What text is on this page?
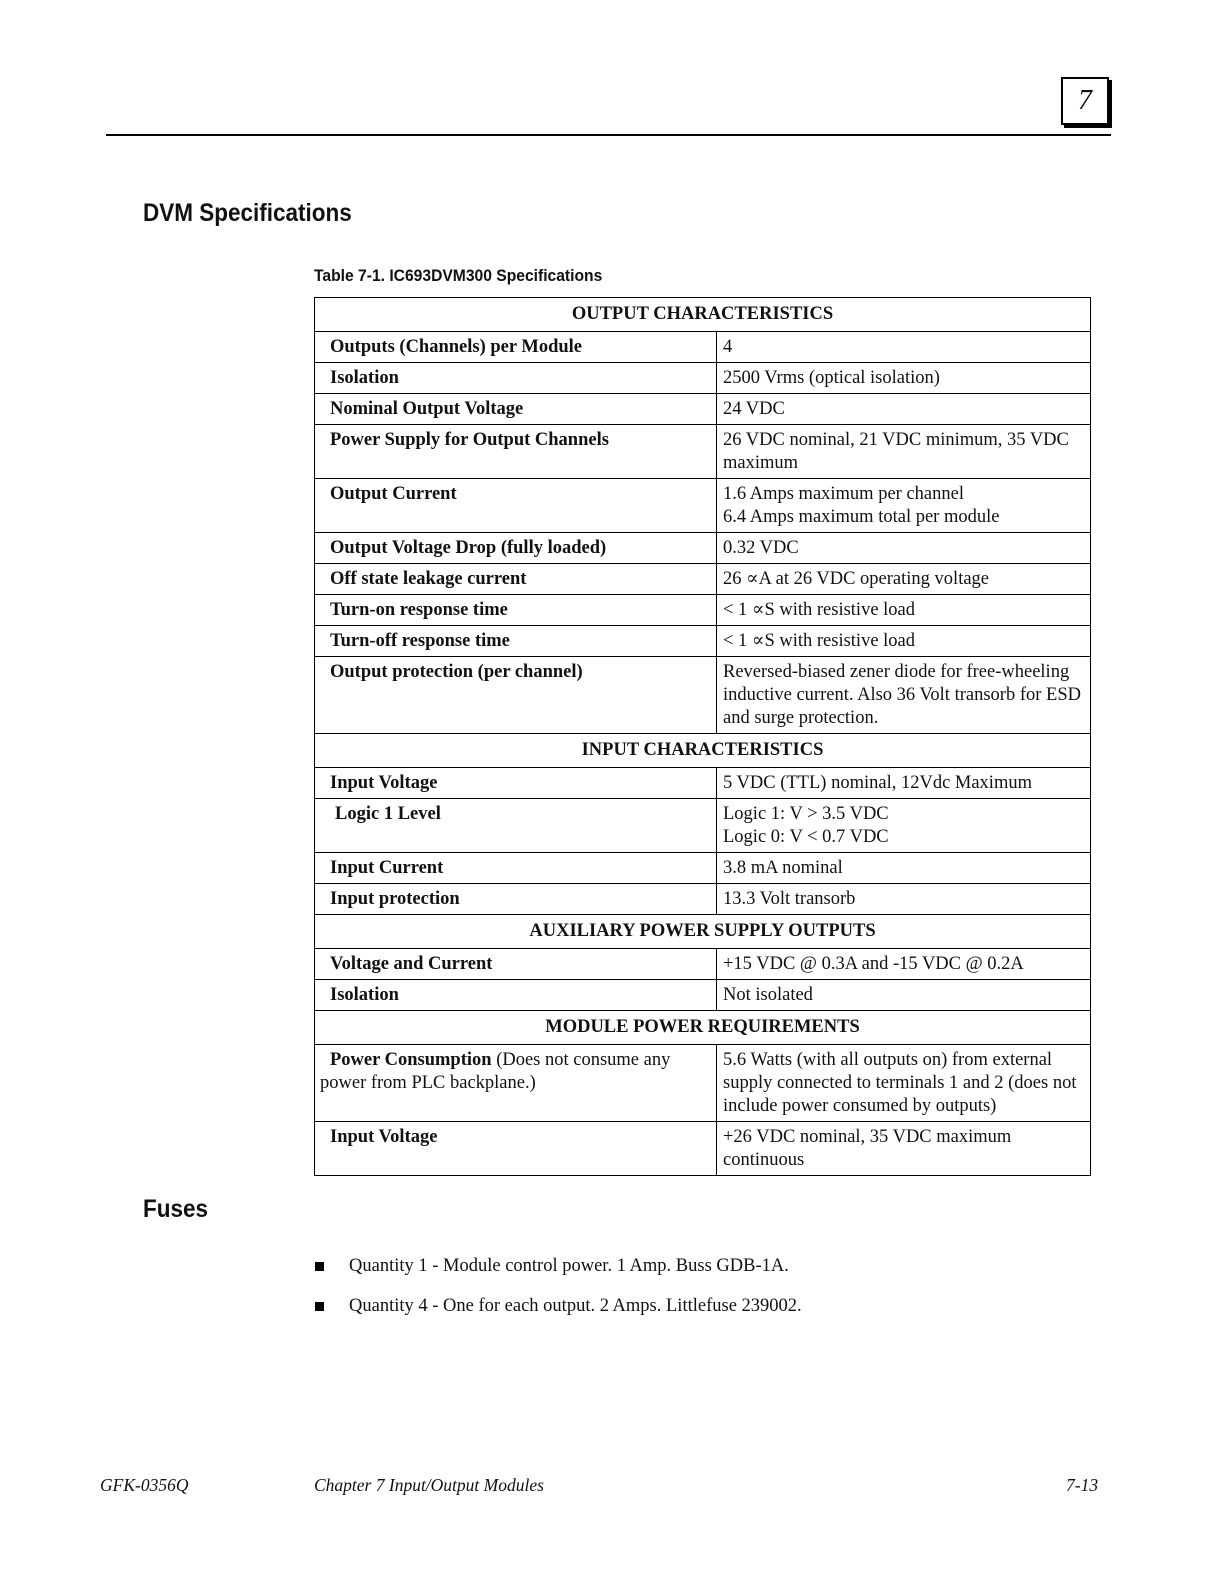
7
DVM Specifications
Table 7-1. IC693DVM300 Specifications
OUTPUT CHARACTERISTICS	
Outputs (Channels) per Module	4

Isolation	2500 Vrms (optical isolation)

Nominal Output Voltage	24 VDC

Power Supply for Output Channels	26 VDC nominal, 21 VDC minimum, 35 VDC maximum

Output Current	1.6 Amps maximum per channel
6.4 Amps maximum total per module

Output Voltage Drop (fully loaded)	0.32 VDC

Off state leakage current	26 ∝A at 26 VDC operating voltage

Turn-on response time	< 1 ∝S with resistive load

Turn-off response time	< 1 ∝S with resistive load

Output protection (per channel)	Reversed-biased zener diode for free-wheeling inductive current. Also 36 Volt transorb for ESD and surge protection.

INPUT CHARACTERISTICS	
Input Voltage	5 VDC (TTL) nominal, 12Vdc Maximum

Logic 1 Level	Logic 1: V > 3.5 VDC
Logic 0: V < 0.7 VDC

Input Current	3.8 mA nominal

Input protection	13.3 Volt transorb

AUXILIARY POWER SUPPLY OUTPUTS	
Voltage and Current	+15 VDC @ 0.3A and -15 VDC @ 0.2A

Isolation	Not isolated

MODULE POWER REQUIREMENTS	
Power Consumption (Does not consume any power from PLC backplane.)	5.6 Watts (with all outputs on) from external supply connected to terminals 1 and 2 (does not include power consumed by outputs)

Input Voltage	+26 VDC nominal, 35 VDC maximum continuous
Fuses
Quantity 1 - Module control power. 1 Amp. Buss GDB-1A.
Quantity 4 - One for each output. 2 Amps. Littlefuse 239002.
GFK-0356Q	Chapter 7 Input/Output Modules	7-13
